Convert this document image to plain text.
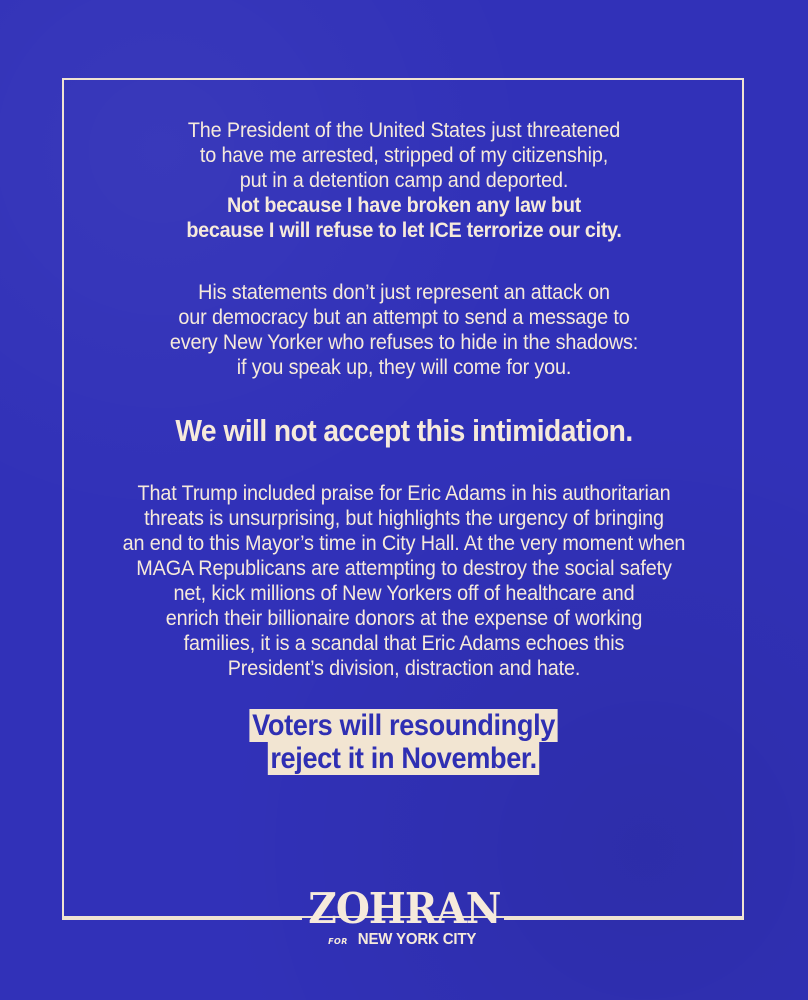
The President of the United States just threatened
to have me arrested, stripped of my citizenship,
put in a detention camp and deported.
Not because I have broken any law but
because I will refuse to let ICE terrorize our city.
His statements don’t just represent an attack on
our democracy but an attempt to send a message to
every New Yorker who refuses to hide in the shadows:
if you speak up, they will come for you.
We will not accept this intimidation.
That Trump included praise for Eric Adams in his authoritarian
threats is unsurprising, but highlights the urgency of bringing
an end to this Mayor’s time in City Hall. At the very moment when
MAGA Republicans are attempting to destroy the social safety
net, kick millions of New Yorkers off of healthcare and
enrich their billionaire donors at the expense of working
families, it is a scandal that Eric Adams echoes this
President’s division, distraction and hate.
Voters will resoundingly
reject it in November.
ZOHRAN
FOR NEW YORK CITY
